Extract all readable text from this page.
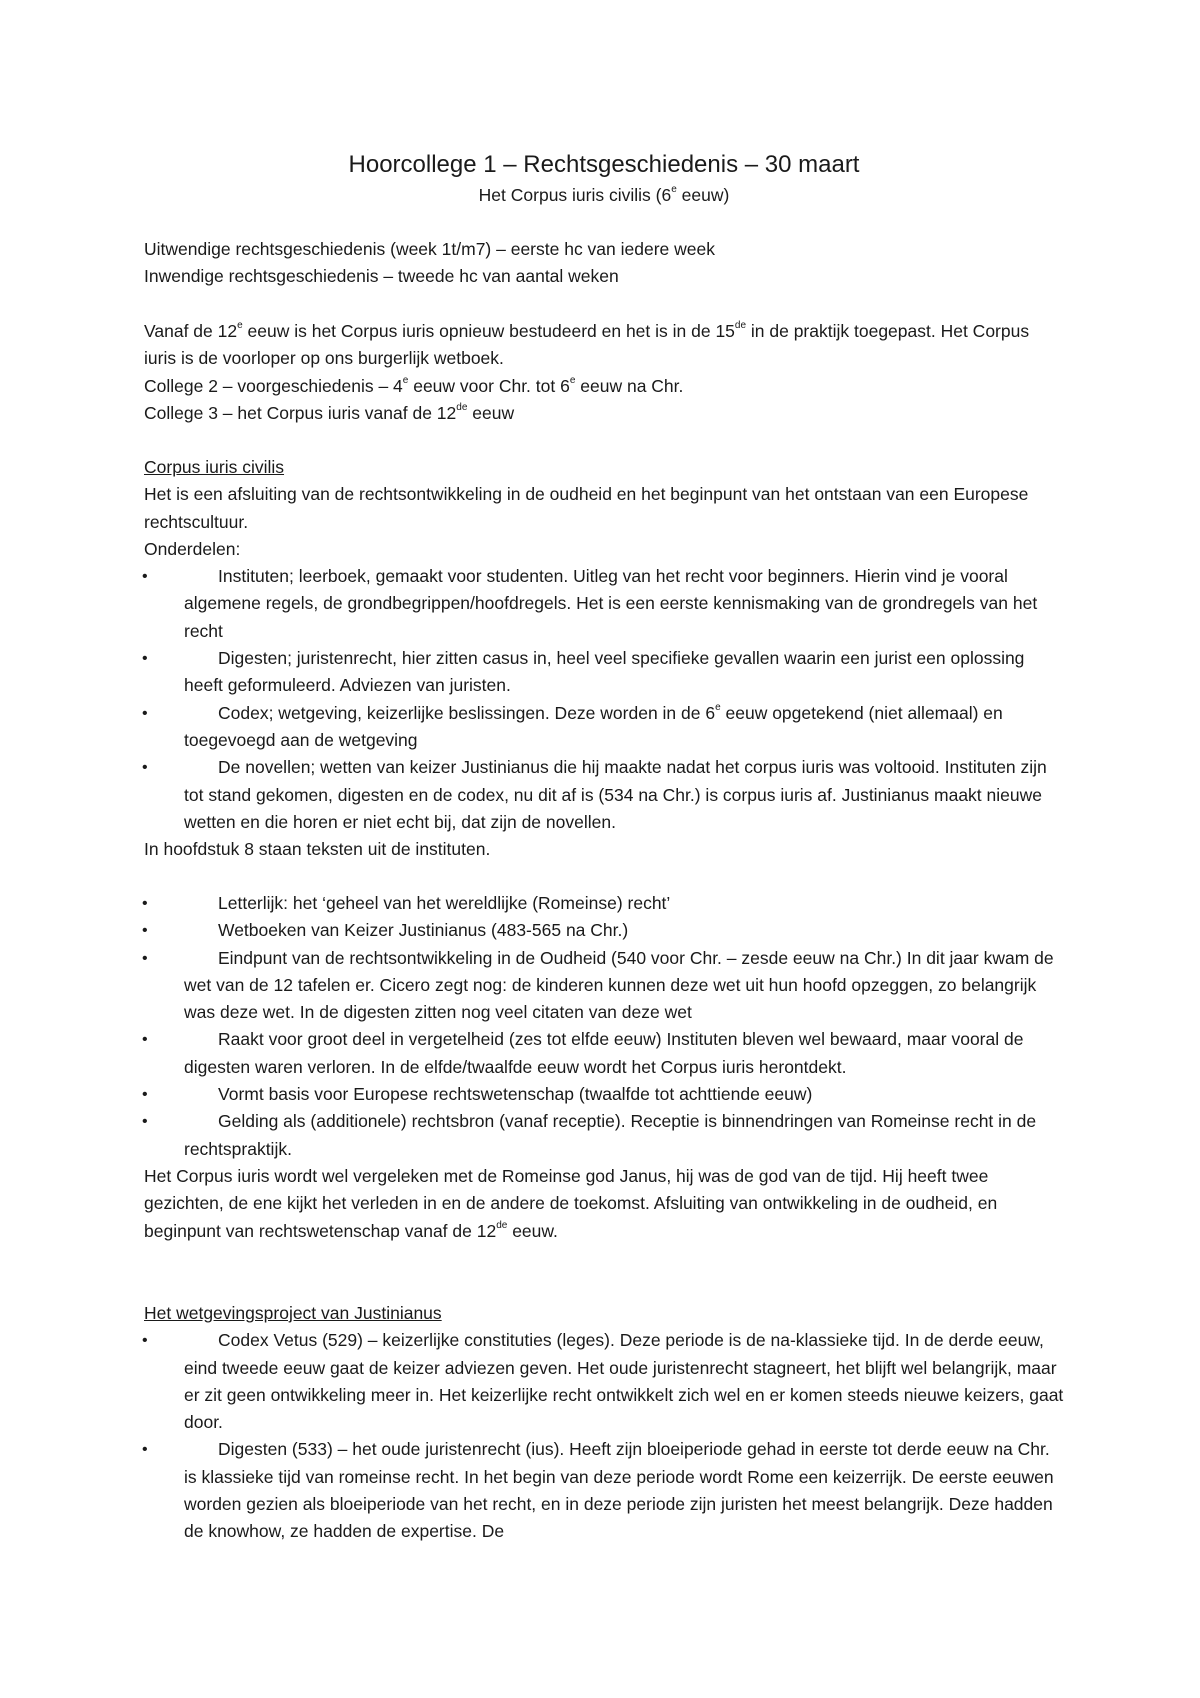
Hoorcollege 1 – Rechtsgeschiedenis – 30 maart
Het Corpus iuris civilis (6e eeuw)

Uitwendige rechtsgeschiedenis (week 1t/m7) – eerste hc van iedere week

Inwendige rechtsgeschiedenis – tweede hc van aantal weken

Vanaf de 12e eeuw is het Corpus iuris opnieuw bestudeerd en het is in de 15de in de praktijk toegepast. Het Corpus iuris is de voorloper op ons burgerlijk wetboek.

College 2 – voorgeschiedenis – 4e eeuw voor Chr. tot 6e eeuw na Chr.

College 3 – het Corpus iuris vanaf de 12de eeuw

Corpus iuris civilis

Het is een afsluiting van de rechtsontwikkeling in de oudheid en het beginpunt van het ontstaan van een Europese rechtscultuur.

Onderdelen:

•	Instituten; leerboek, gemaakt voor studenten. Uitleg van het recht voor beginners. Hierin vind je vooral algemene regels, de grondbegrippen/hoofdregels. Het is een eerste kennismaking van de grondregels van het recht
•	Digesten; juristenrecht, hier zitten casus in, heel veel specifieke gevallen waarin een jurist een oplossing heeft geformuleerd. Adviezen van juristen.
•	Codex; wetgeving, keizerlijke beslissingen. Deze worden in de 6e eeuw opgetekend (niet allemaal) en toegevoegd aan de wetgeving
•	De novellen; wetten van keizer Justinianus die hij maakte nadat het corpus iuris was voltooid. Instituten zijn tot stand gekomen, digesten en de codex, nu dit af is (534 na Chr.) is corpus iuris af. Justinianus maakt nieuwe wetten en die horen er niet echt bij, dat zijn de novellen.

In hoofdstuk 8 staan teksten uit de instituten.

•	Letterlijk: het ‘geheel van het wereldlijke (Romeinse) recht’
•	Wetboeken van Keizer Justinianus (483-565 na Chr.)
•	Eindpunt van de rechtsontwikkeling in de Oudheid (540 voor Chr. – zesde eeuw na Chr.) In dit jaar kwam de wet van de 12 tafelen er. Cicero zegt nog: de kinderen kunnen deze wet uit hun hoofd opzeggen, zo belangrijk was deze wet. In de digesten zitten nog veel citaten van deze wet
•	Raakt voor groot deel in vergetelheid (zes tot elfde eeuw) Instituten bleven wel bewaard, maar vooral de digesten waren verloren. In de elfde/twaalfde eeuw wordt het Corpus iuris herontdekt.
•	Vormt basis voor Europese rechtswetenschap (twaalfde tot achttiende eeuw)
•	Gelding als (additionele) rechtsbron (vanaf receptie). Receptie is binnendringen van Romeinse recht in de rechtspraktijk.

Het Corpus iuris wordt wel vergeleken met de Romeinse god Janus, hij was de god van de tijd. Hij heeft twee gezichten, de ene kijkt het verleden in en de andere de toekomst. Afsluiting van ontwikkeling in de oudheid, en beginpunt van rechtswetenschap vanaf de 12de eeuw.

Het wetgevingsproject van Justinianus

•	Codex Vetus (529) – keizerlijke constituties (leges). Deze periode is de na-klassieke tijd. In de derde eeuw, eind tweede eeuw gaat de keizer adviezen geven. Het oude juristenrecht stagneert, het blijft wel belangrijk, maar er zit geen ontwikkeling meer in. Het keizerlijke recht ontwikkelt zich wel en er komen steeds nieuwe keizers, gaat door.
•	Digesten (533) – het oude juristenrecht (ius). Heeft zijn bloeiperiode gehad in eerste tot derde eeuw na Chr. is klassieke tijd van romeinse recht. In het begin van deze periode wordt Rome een keizerrijk. De eerste eeuwen worden gezien als bloeiperiode van het recht, en in deze periode zijn juristen het meest belangrijk. Deze hadden de knowhow, ze hadden de expertise. De
